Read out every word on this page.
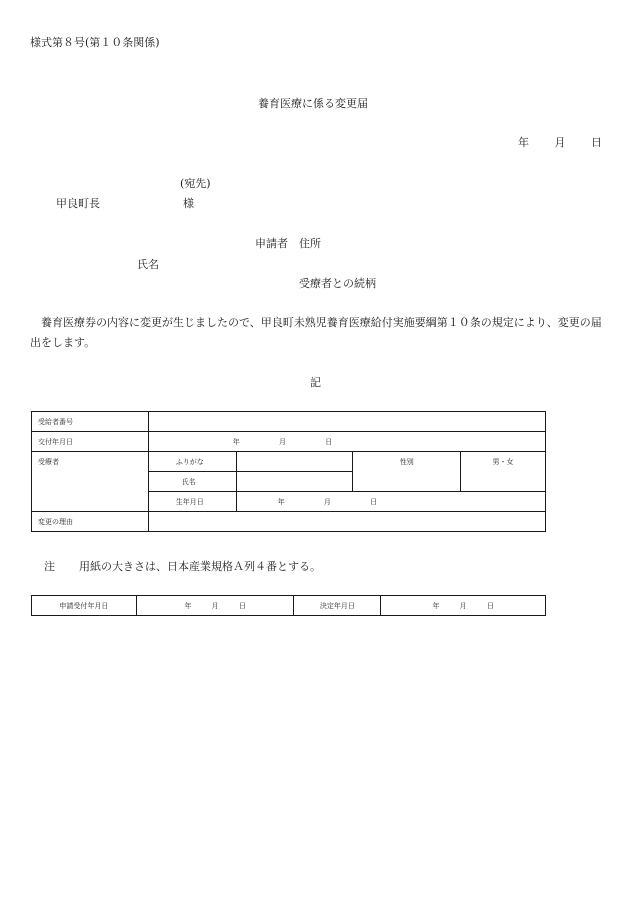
様式第８号(第１０条関係)
養育医療に係る変更届
年 月 日
(宛先)
甲良町長	様
申請者 住所
氏名
受療者との続柄
養育医療券の内容に変更が生じましたので、甲良町未熟児養育医療給付実施要綱第１０条の規定により、変更の届出をします。
記
受給者番号				
交付年月日	年 月 日			
受療者	ふりがな		性別	男・女
	氏名			
	生年月日	年 月 日		
変更の理由				
注 用紙の大きさは、日本産業規格Ａ列４番とする。
申請受付年月日	年	月	日	決定年月日	年	月	日
